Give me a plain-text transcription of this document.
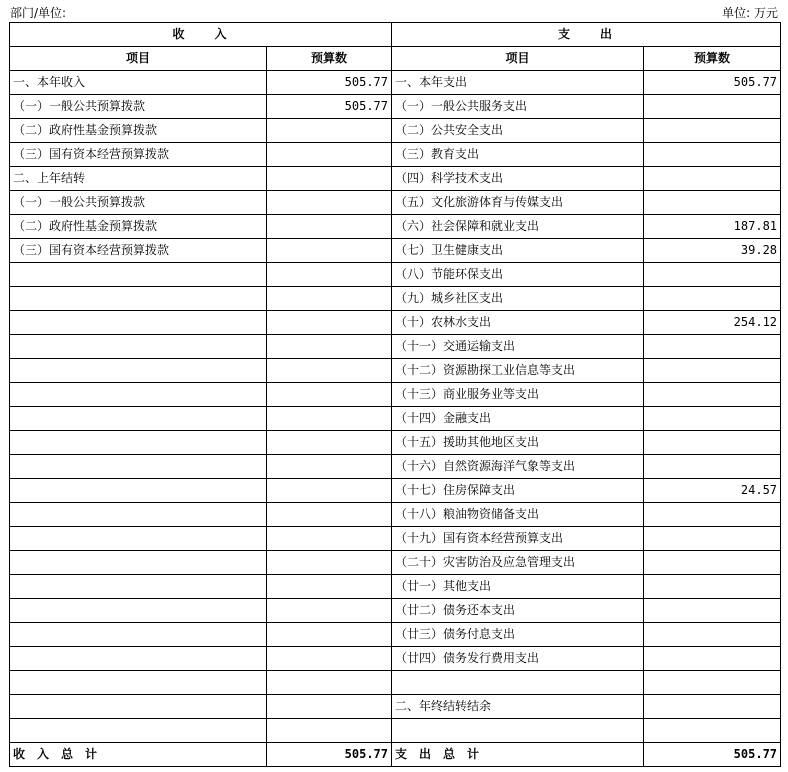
部门/单位:	单位: 万元
收　　入		支　　出	
项目	预算数	项目	预算数
一、本年收入	505.77	一、本年支出	505.77
（一）一般公共预算拨款	505.77	（一）一般公共服务支出	
（二）政府性基金预算拨款		（二）公共安全支出	
（三）国有资本经营预算拨款		（三）教育支出	
二、上年结转		（四）科学技术支出	
（一）一般公共预算拨款		（五）文化旅游体育与传媒支出	
（二）政府性基金预算拨款		（六）社会保障和就业支出	187.81
（三）国有资本经营预算拨款		（七）卫生健康支出	39.28
		（八）节能环保支出	
		（九）城乡社区支出	
		（十）农林水支出	254.12
		（十一）交通运输支出	
		（十二）资源勘探工业信息等支出	
		（十三）商业服务业等支出	
		（十四）金融支出	
		（十五）援助其他地区支出	
		（十六）自然资源海洋气象等支出	
		（十七）住房保障支出	24.57
		（十八）粮油物资储备支出	
		（十九）国有资本经营预算支出	
		（二十）灾害防治及应急管理支出	
		（廿一）其他支出	
		（廿二）债务还本支出	
		（廿三）债务付息支出	
		（廿四）债务发行费用支出	

		二、年终结转结余	

收　入　总　计	505.77	支　出　总　计	505.77
